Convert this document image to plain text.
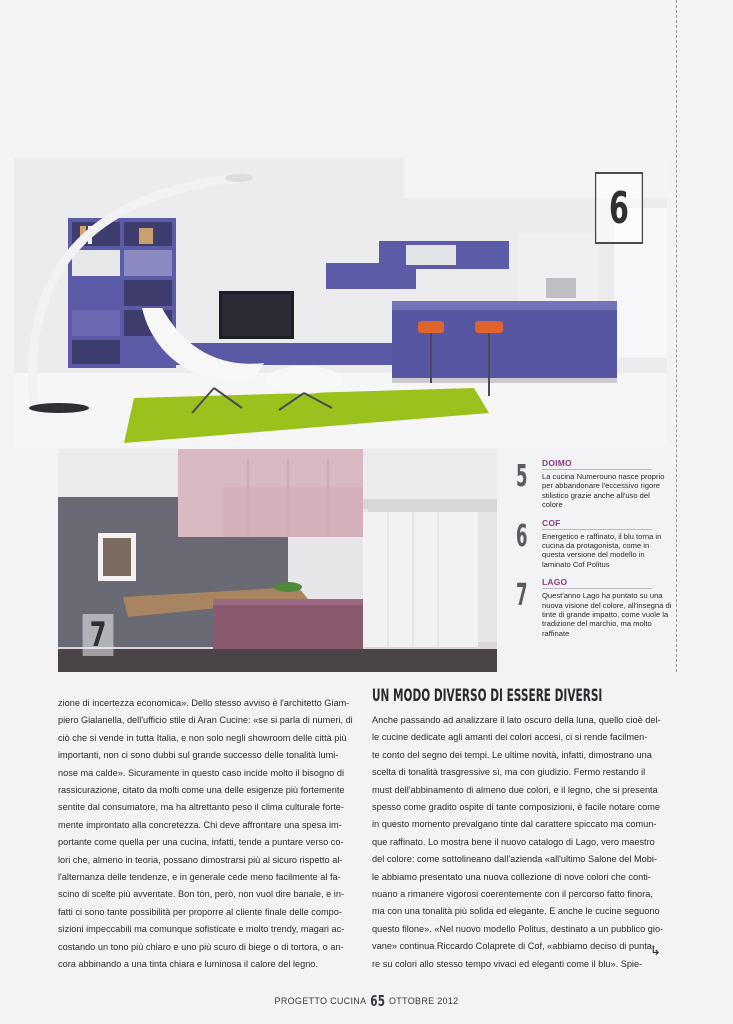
6
7
5 DOIMO
La cucina Numerouno nasce proprio per abbandonare l'eccessivo rigore stilistico grazie anche all'uso del colore
6 COF
Energetico e raffinato, il blu torna in cucina da protagonista, come in questa versione del modello in laminato Cof Politus
7 LAGO
Quest'anno Lago ha puntato su una nuova visione del colore, all'insegna di tinte di grande impatto, come vuole la tradizione del marchio, ma molto raffinate
zione di incertezza economica». Dello stesso avviso è l'architetto Giam-
piero Gialanella, dell'ufficio stile di Aran Cucine: «se si parla di numeri, di
ciò che si vende in tutta Italia, e non solo negli showroom delle città più
importanti, non ci sono dubbi sul grande successo delle tonalità lumi-
nose ma calde». Sicuramente in questo caso incide molto il bisogno di
rassicurazione, citato da molti come una delle esigenze più fortemente
sentite dal consumatore, ma ha altrettanto peso il clima culturale forte-
mente improntato alla concretezza. Chi deve affrontare una spesa im-
portante come quella per una cucina, infatti, tende a puntare verso co-
lori che, almeno in teoria, possano dimostrarsi più al sicuro rispetto al-
l'alternanza delle tendenze, e in generale cede meno facilmente al fa-
scino di scelte più avventate. Bon ton, però, non vuol dire banale, e in-
fatti ci sono tante possibilità per proporre al cliente finale delle compo-
sizioni impeccabili ma comunque sofisticate e molto trendy, magari ac-
costando un tono più chiaro e uno più scuro di biege o di tortora, o an-
cora abbinando a una tinta chiara e luminosa il calore del legno.
UN MODO DIVERSO DI ESSERE DIVERSI
Anche passando ad analizzare il lato oscuro della luna, quello cioè del-
le cucine dedicate agli amanti dei colori accesi, ci si rende facilmen-
te conto del segno dei tempi. Le ultime novità, infatti, dimostrano una
scelta di tonalità trasgressive sì, ma con giudizio. Fermo restando il
must dell'abbinamento di almeno due colori, e il legno, che si presenta
spesso come gradito ospite di tante composizioni, è facile notare come
in questo momento prevalgano tinte dal carattere spiccato ma comun-
que raffinato. Lo mostra bene il nuovo catalogo di Lago, vero maestro
del colore: come sottolineano dall'azienda «all'ultimo Salone del Mobi-
le abbiamo presentato una nuova collezione di nove colori che conti-
nuano a rimanere vigorosi coerentemente con il percorso fatto finora,
ma con una tonalità più solida ed elegante. E anche le cucine seguono
questo filone». «Nel nuovo modello Politus, destinato a un pubblico gio-
vane» continua Riccardo Colaprete di Cof, «abbiamo deciso di punta-
re su colori allo stesso tempo vivaci ed eleganti come il blu». Spie-
↳
PROGETTO CUCINA 65 OTTOBRE 2012
